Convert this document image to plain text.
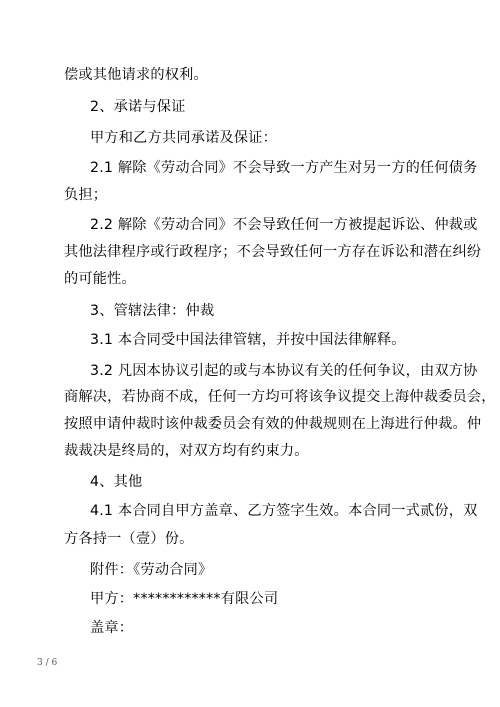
偿或其他请求的权利。
2、承诺与保证
甲方和乙方共同承诺及保证：
2.1 解除《劳动合同》不会导致一方产生对另一方的任何债务
负担；
2.2 解除《劳动合同》不会导致任何一方被提起诉讼、仲裁或
其他法律程序或行政程序；不会导致任何一方存在诉讼和潜在纠纷
的可能性。
3、管辖法律：仲裁
3.1 本合同受中国法律管辖，并按中国法律解释。
3.2 凡因本协议引起的或与本协议有关的任何争议，由双方协
商解决，若协商不成，任何一方均可将该争议提交上海仲裁委员会，
按照申请仲裁时该仲裁委员会有效的仲裁规则在上海进行仲裁。仲
裁裁决是终局的，对双方均有约束力。
4、其他
4.1 本合同自甲方盖章、乙方签字生效。本合同一式贰份，双
方各持一（壹）份。
附件：《劳动合同》
甲方：************有限公司
盖章：
3 / 6
